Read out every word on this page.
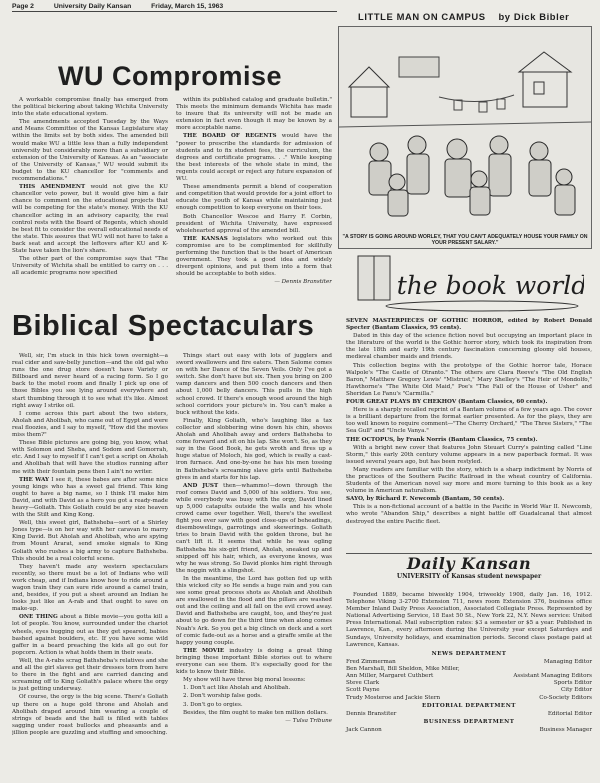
Page 2	University Daily Kansan	Friday, March 15, 1963
WU Compromise

A workable compromise finally has emerged from the political bickering about taking Wichita University into the state educational system.

The amendments accepted Tuesday by the Ways and Means Committee of the Kansas Legislature stay within the limits set by both sides. The amended bill would make WU a little less than a fully independent university but considerably more than a subsidiary or extension of the University of Kansas. As an "associate of the University of Kansas," WU would submit its budget to the KU chancellor for "comments and recommendations."

THIS AMENDMENT would not give the KU chancellor veto power, but it would give him a fair chance to comment on the educational projects that will be competing for the state's money. With the KU chancellor acting in an advisory capacity, the real control rests with the Board of Regents, which should be best fit to consider the overall educational needs of the state. This assures that WU will not have to take a back seat and accept the leftovers after KU and K-State have taken the lion's share.

The other part of the compromise says that "The University of Wichita shall be entitled to carry on . . . all academic programs now specified

within its published catalog and graduate bulletin." This meets the minimum demands Wichita has made to insure that its university will not be made an extension in fact even though it may be known by a more acceptable name.

THE BOARD OF REGENTS would have the "power to prescribe the standards for admission of students and to fix student fees, the curriculum, the degrees and certificate programs. . ." While keeping the best interests of the whole state in mind, the regents could accept or reject any future expansion of WU.

These amendments permit a blend of cooperation and competition that would provide for a joint effort to educate the youth of Kansas while maintaining just enough competition to keep everyone on their toes.

Both Chancellor Wescoe and Harry F. Corbin, president of Wichita University, have expressed wholehearted approval of the amended bill.

THE KANSAS legislators who worked out this compromise are to be complimented for skillfully performing the function that is the heart of American government. They took a good idea and widely divergent opinions, and put them into a form that should be acceptable to both sides.

— Dennis Branstiter
Biblical Spectaculars

Well, sir, I'm stuck in this hick town overnight—a real cider and saw-belly junction—and the old gal who runs the one drug store doesn't have Variety or Billboard and never heard of a racing form. So I go back to the motel room and finally I pick up one of those Bibles you see lying around everywhere and start thumbing through it to see what it's like. Almost right away I strike oil.

I come across this part about the two sisters, Aholah and Aholibah, who came out of Egypt and were real floozies, and I say to myself, "How did the movies miss them?"

These Bible pictures are going big, you know, what with Solomon and Sheba, and Sodom and Gomorrah, etc. And I say to myself if I can't get a script on Aholah and Aholibah that will have the studios running after me with their fountain pens then I ain't no writer.

THE WAY I see it, these babes are after some nice young kings who has a sweet gal friend. This king ought to have a big name, so I think I'll make him David, and with David as a hero you got a ready-made heavy—Goliath. This Goliath could be any size heaven with the Stilt and King Kong.

Well, this sweet girl, Bathsheba—sort of a Shirley Jones type—is on her way with her caravan to marry King David. But Aholah and Aholibah, who are spying from Mount Ararat, send smoke signals to King Goliath who rushes a big army to capture Bathsheba. This should be a real colorful scene.

They haven't made any western spectaculars recently, so there must be a lot of Indians who will work cheap, and if Indians know how to ride around a wagon train they can sure ride around a camel train, and, besides, if you put a sheet around an Indian he looks just like an A-rab and that ought to save on make-up.

ONE THING about a Bible movie—you gotta kill a lot of people. You know, surrounded under the chariot wheels, eyes bugging out as they get speared, babies bashed against boulders, etc. If you have some wild gaffer in a beard preaching the kids all go out for popcorn. Action is what holds them in their seats.

Well, the A-rabs scrag Bathsheba's relatives and she and all the girl slaves get their dresses torn from here to there in the fight and are carried dancing and screaming off to King Goliath's palace where the orgy is just getting underway.

Of course, the orgy is the big scene. There's Goliath up there on a huge gold throne and Aholah and Aholibah draped around him wearing a couple of strings of beads and the hall is filled with tables sagging under roast bullocks and pheasants and a jillion people are guzzling and stuffing and smooching.

Things start out easy with lots of jugglers and sword swallowers and fire eaters. Then Salome comes on with her Dance of the Seven Veils. Only I've got a switch. She don't have but six. Then you bring on 200 vamp dancers and then 500 cooch dancers and then about 1,000 belly dancers. This pulls in the high school crowd. If there's enough wood around the high school corridors your picture's in. You can't make a buck without the kids.

Finally, King Goliath, who's laughing like a tax collector and slobbering wine down his chin, shoves Aholah and Aholibah away and orders Bathsheba to come forward and sit on his lap. She won't. So, as they say in the Good Book, he gets wroth and fires up a huge statue of Moloch, his god, which is really a cast-iron furnace. And one-by-one he has his men tossing in Bathsheba's screaming slave girls until Bathsheba gives in and starts for his lap.

AND JUST then—whammo!—down through the roof comes David and 5,000 of his soldiers. You see, while everybody was busy with the orgy, David lined up 5,000 catapults outside the walls and his whole crowd came over together. Well, there's the swellest fight you ever saw with good close-ups of beheadings, disembowelings, garrotings and skewerings. Goliath tries to brain David with the golden throne, but he can't lift it. It seems that while he was ogling Bathsheba his six-girl friend, Aholah, sneaked up and snipped off his hair, which, as everyone knows, was why he was strong. So David plonks him right through the noggin with a slingshot.

In the meantime, the Lord has gotten fed up with this wicked city so He sends a huge rain and you can see some great process shots as Aholah and Aholibah are swallowed in the flood and the pillars are washed out and the ceiling and all fall on the evil crowd away. David and Bathsheba are caught, too, and they're just about to go down for the third time when along comes Noah's Ark. So you get a big clinch on deck and a sort of comic fade-out as a horse and a giraffe smile at the happy young couple.

THE MOVIE industry is doing a great thing bringing these important Bible stories out to where everyone can see them. It's especially good for the kids to know their Bible.

My show will have three big moral lessons:

1. Don't act like Aholah and Aholibah.

2. Don't worship false gods.

3. Don't go to orgies.

Besides, the film ought to make ten million dollars.

— Tulsa Tribune
LITTLE MAN ON CAMPUS by Dick Bibler
"A STORY IS GOING AROUND WORLEY, THAT YOU CAN'T ADEQUATELY HOUSE YOUR FAMILY ON YOUR PRESENT SALARY."
the book world

SEVEN MASTERPIECES OF GOTHIC HORROR, edited by Robert Donald Specter (Bantam Classics, 95 cents).

Dated in this day of the science fiction novel but occupying an important place in the literature of the world is the Gothic horror story, which took its inspiration from the late 18th and early 19th century fascination concerning gloomy old houses, medieval chamber maids and friends.

This collection begins with the prototype of the Gothic horror tale, Horace Walpole's "The Castle of Otranto." The others are Clara Reeve's "The Old English Baron," Matthew Gregory Lewis' "Mistrust," Mary Shelley's "The Heir of Mondolfo," Hawthorne's "The White Old Maid," Poe's "The Fall of the House of Usher" and Sheridan Le Fanu's "Carmilla."

FOUR GREAT PLAYS BY CHEKHOV (Bantam Classics, 60 cents).

Here is a sharply recalled reprint of a Bantam volume of a few years ago. The cover is a brilliant departure from the format earlier presented. As for the plays, they are too well known to require comment—"The Cherry Orchard," "The Three Sisters," "The Sea Gull" and "Uncle Vanya."

THE OCTOPUS, by Frank Norris (Bantam Classics, 75 cents).

With a bright new cover that features John Steuart Curry's painting called "Line Storm," this early 20th century volume appears in a new paperback format. It was issued several years ago, but has been restyled.

Many readers are familiar with the story, which is a sharp indictment by Norris of the practices of the Southern Pacific Railroad in the wheat country of California. Students of the American novel say more and more turning to this book as a key volume in American naturalism.

SAYO, by Richard F. Newcomb (Bantam, 50 cents).

This is a non-fictional account of a battle in the Pacific in World War II. Newcomb, who wrote "Abandon Ship," describes a night battle off Guadalcanal that almost destroyed the entire Pacific fleet.

Daily Kansan
UNIVERSITY of Kansas student newspaper

Founded 1889, became biweekly 1904, triweekly 1908, daily Jan. 16, 1912. Telephone Viking 3-2700 Extension 711, news room Extension 376, business office Member Inland Daily Press Association, Associated Collegiate Press. Represented by National Advertising Service, 18 East 50 St., New York 22, N.Y. News service: United Press International. Mail subscription rates: $3 a semester or $5 a year. Published in Lawrence, Kan., every afternoon during the University year except Saturdays and Sundays, University holidays, and examination periods. Second class postage paid at Lawrence, Kansas.

NEWS DEPARTMENT
Fred Zimmerman	Managing Editor
Ben Marshall, Bill Sheldon, Mike Miller,
Ann Miller, Margaret Cuthbert	Assistant Managing Editors
Steve Clark	Sports Editor
Scott Payne	City Editor
Trudy Mosteroe and Jackie Stern	Co-Society Editors
EDITORIAL DEPARTMENT
Dennis Branstiter	Editorial Editor
BUSINESS DEPARTMENT
Jack Cannon	Business Manager
